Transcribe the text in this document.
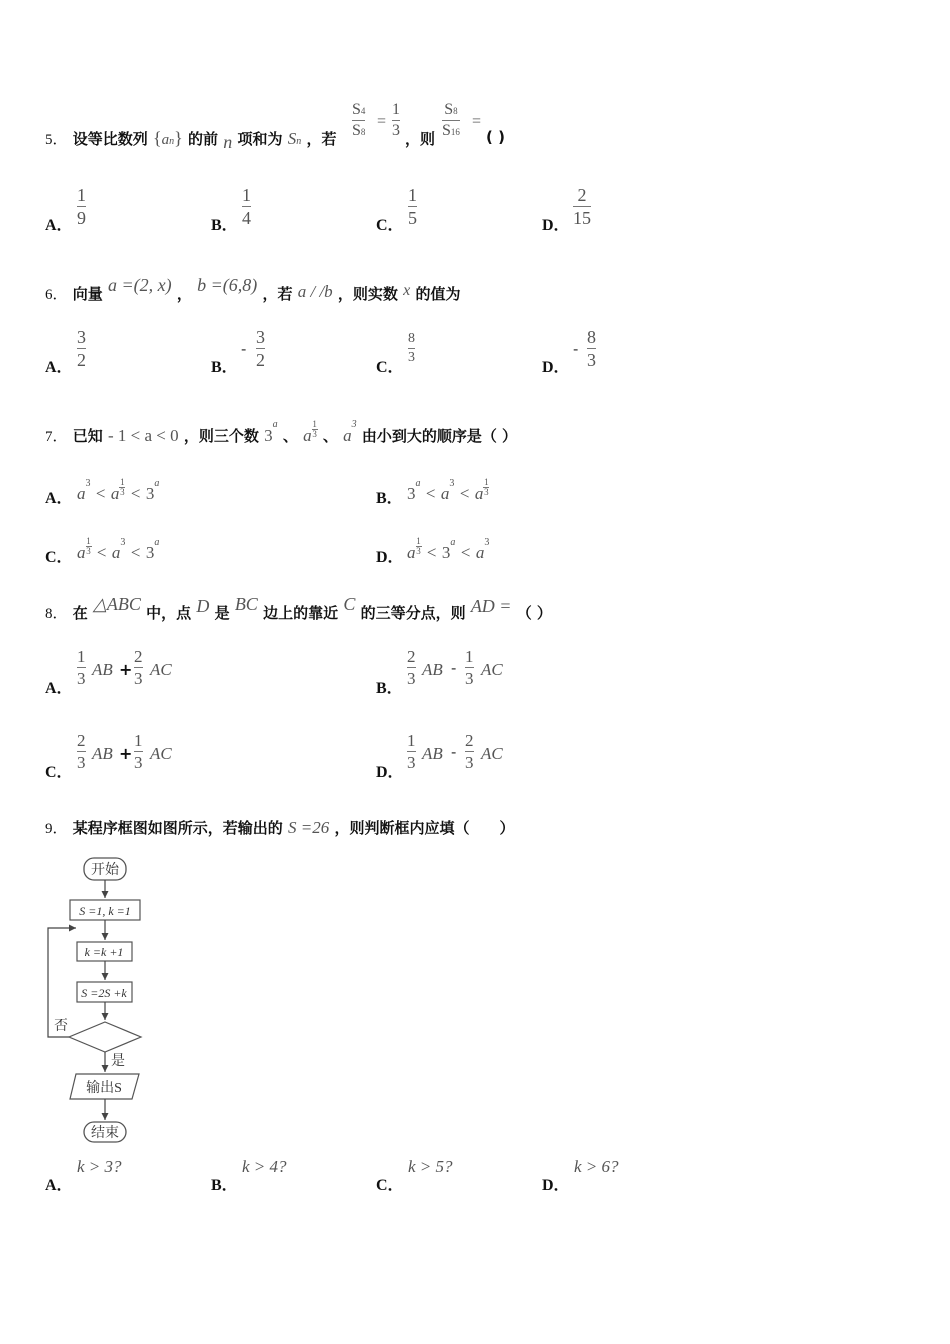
5． 设等比数列 {an} 的前 n 项和为 Sn ，若
S4
S8
=
1
3 ，则
S8
S16
=
( )
A．
1
9	B．
1
4	C．
1
5	D．
2
15
6． 向量 a =(2, x) ， b =(6,8) ，若 a / /b ，则实数 x 的值为
A．
3
2	B．
-
3
2	C．
8
3
D．
-
8
3
7． 已知 - 1 < a < 0 ，则三个数 3$^a$ 、 a $\frac{1}{3}$ 、 $a^3$ 由小到大的顺序是（ ）
A． $a^3 < a \frac{1}{3} < 3^a$
B． $3^a < a^3 < a \frac{1}{3}$
C． a $\frac{1}{3} < a^3 < 3^a$
D． a $\frac{1}{3} < 3^a < a^3$
8． 在 △ABC 中，点 D 是 BC 边上的靠近 C 的三等分点，则 AD = （ ）
A．
1
3 AB +
2
3 AC
B．
2
3 AB -
1
3 AC
C．
2
3 AB +
1
3 AC
D．
1
3 AB -
2
3 AC
9． 某程序框图如图所示，若输出的 S =26 ，则判断框内应填（　　）
开始
S =1, k =1
k =k +1
S =2S +k
否
是
输出S
结束
A．
k > 3?
B．
k > 4?
C．
k > 5?
D．
k > 6?
